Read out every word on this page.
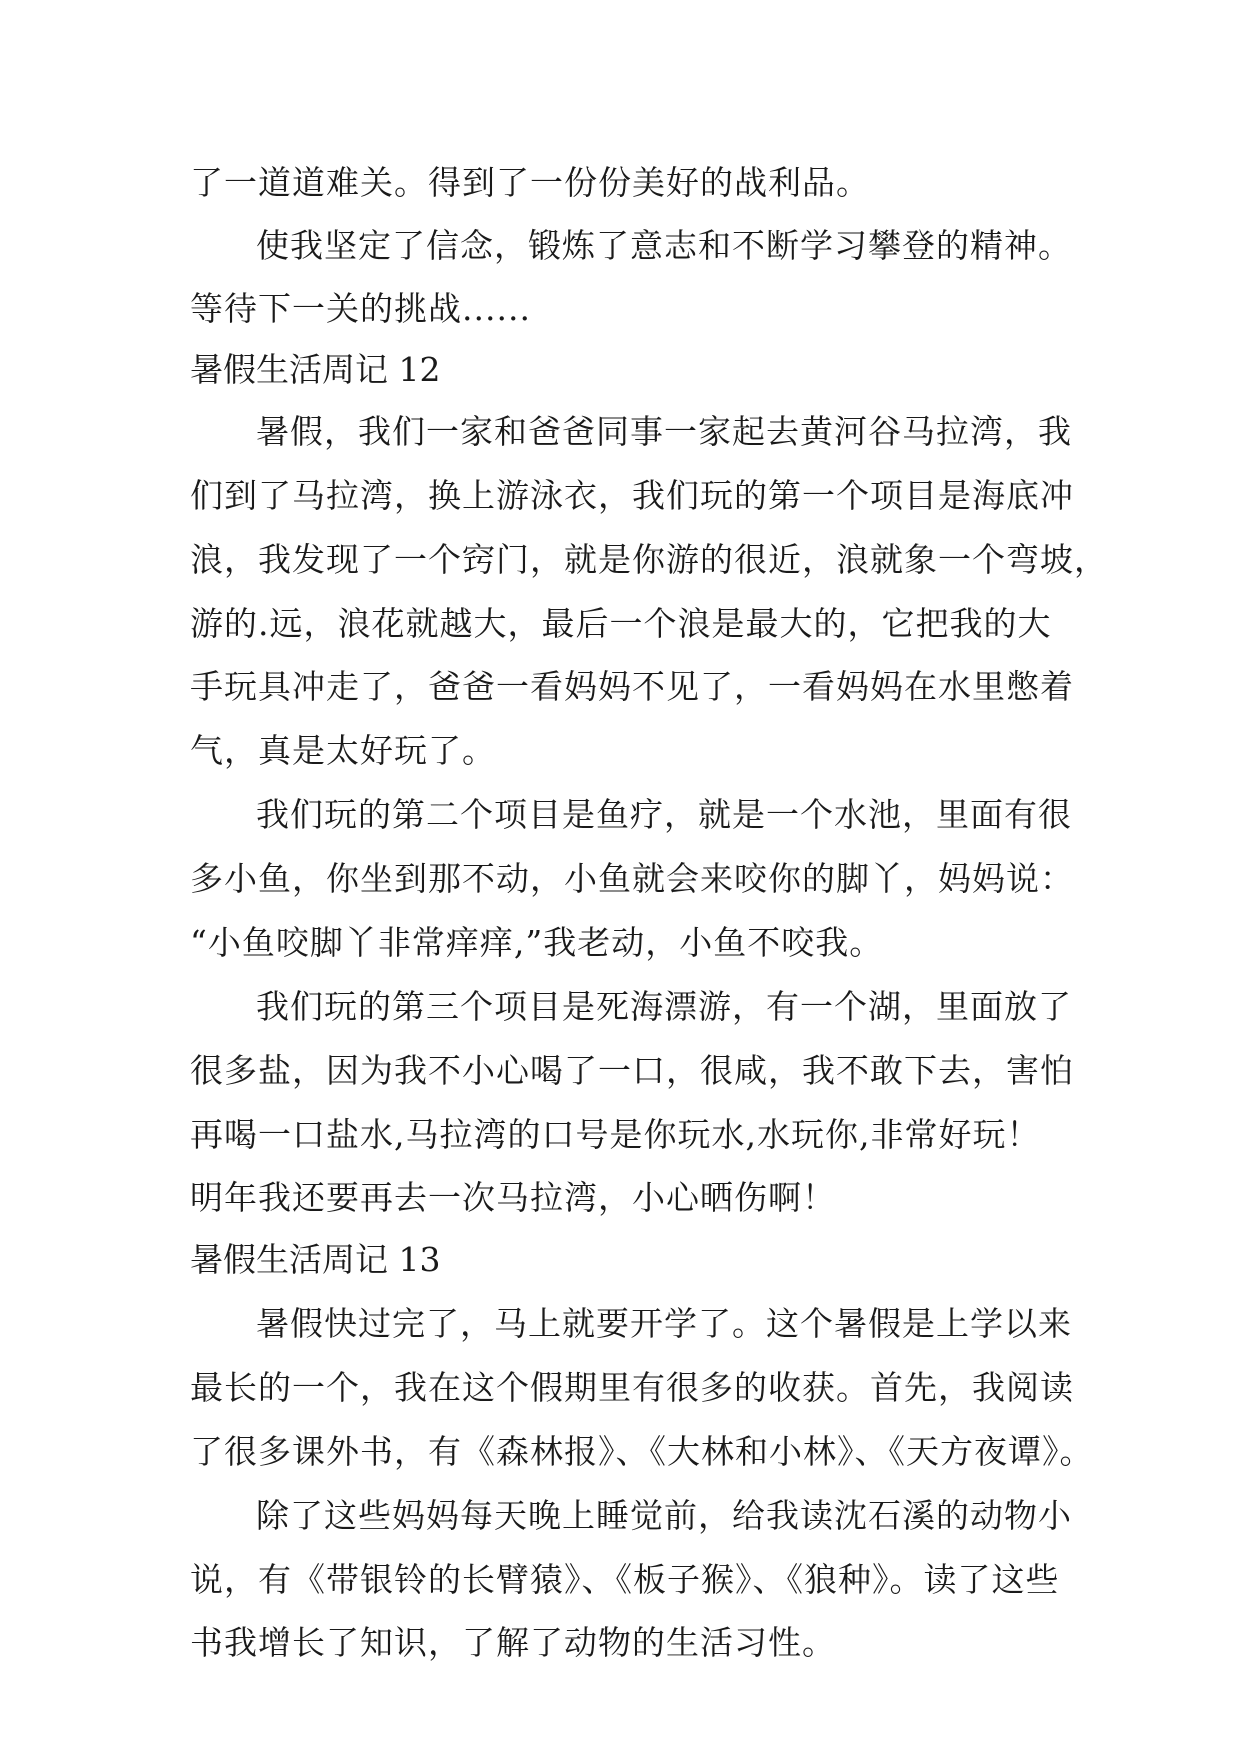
了一道道难关。得到了一份份美好的战利品。
使我坚定了信念，锻炼了意志和不断学习攀登的精神。
等待下一关的挑战......
暑假生活周记 12
暑假，我们一家和爸爸同事一家起去黄河谷马拉湾，我
们到了马拉湾，换上游泳衣，我们玩的第一个项目是海底冲
浪，我发现了一个窍门，就是你游的很近，浪就象一个弯坡，
游的.远，浪花就越大，最后一个浪是最大的，它把我的大
手玩具冲走了，爸爸一看妈妈不见了，一看妈妈在水里憋着
气，真是太好玩了。
我们玩的第二个项目是鱼疗，就是一个水池，里面有很
多小鱼，你坐到那不动，小鱼就会来咬你的脚丫，妈妈说：
“小鱼咬脚丫非常痒痒,”我老动，小鱼不咬我。
我们玩的第三个项目是死海漂游，有一个湖，里面放了
很多盐，因为我不小心喝了一口，很咸，我不敢下去，害怕
再喝一口盐水,马拉湾的口号是你玩水,水玩你,非常好玩！
明年我还要再去一次马拉湾，小心晒伤啊！
暑假生活周记 13
暑假快过完了，马上就要开学了。这个暑假是上学以来
最长的一个，我在这个假期里有很多的收获。首先，我阅读
了很多课外书，有《森林报》、《大林和小林》、《天方夜谭》。
除了这些妈妈每天晚上睡觉前，给我读沈石溪的动物小
说，有《带银铃的长臂猿》、《板子猴》、《狼种》。读了这些
书我增长了知识，了解了动物的生活习性。
